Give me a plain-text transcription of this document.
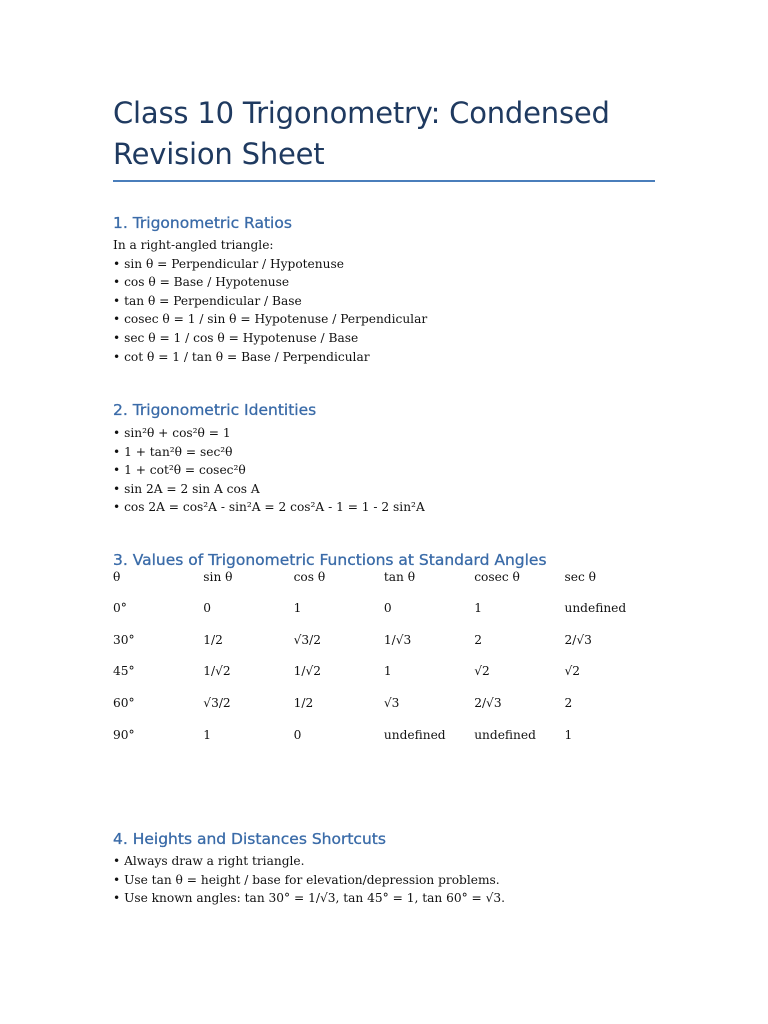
Class 10 Trigonometry: Condensed Revision Sheet
1. Trigonometric Ratios
In a right-angled triangle:
• sin θ = Perpendicular / Hypotenuse
• cos θ = Base / Hypotenuse
• tan θ = Perpendicular / Base
• cosec θ = 1 / sin θ = Hypotenuse / Perpendicular
• sec θ = 1 / cos θ = Hypotenuse / Base
• cot θ = 1 / tan θ = Base / Perpendicular
2. Trigonometric Identities
• sin²θ + cos²θ = 1
• 1 + tan²θ = sec²θ
• 1 + cot²θ = cosec²θ
• sin 2A = 2 sin A cos A
• cos 2A = cos²A - sin²A = 2 cos²A - 1 = 1 - 2 sin²A
3. Values of Trigonometric Functions at Standard Angles
θ	sin θ	cos θ	tan θ	cosec θ	sec θ
0°	0	1	0	1	undefined
30°	1/2	√3/2	1/√3	2	2/√3
45°	1/√2	1/√2	1	√2	√2
60°	√3/2	1/2	√3	2/√3	2
90°	1	0	undefined	undefined	1
4. Heights and Distances Shortcuts
• Always draw a right triangle.
• Use tan θ = height / base for elevation/depression problems.
• Use known angles: tan 30° = 1/√3, tan 45° = 1, tan 60° = √3.
